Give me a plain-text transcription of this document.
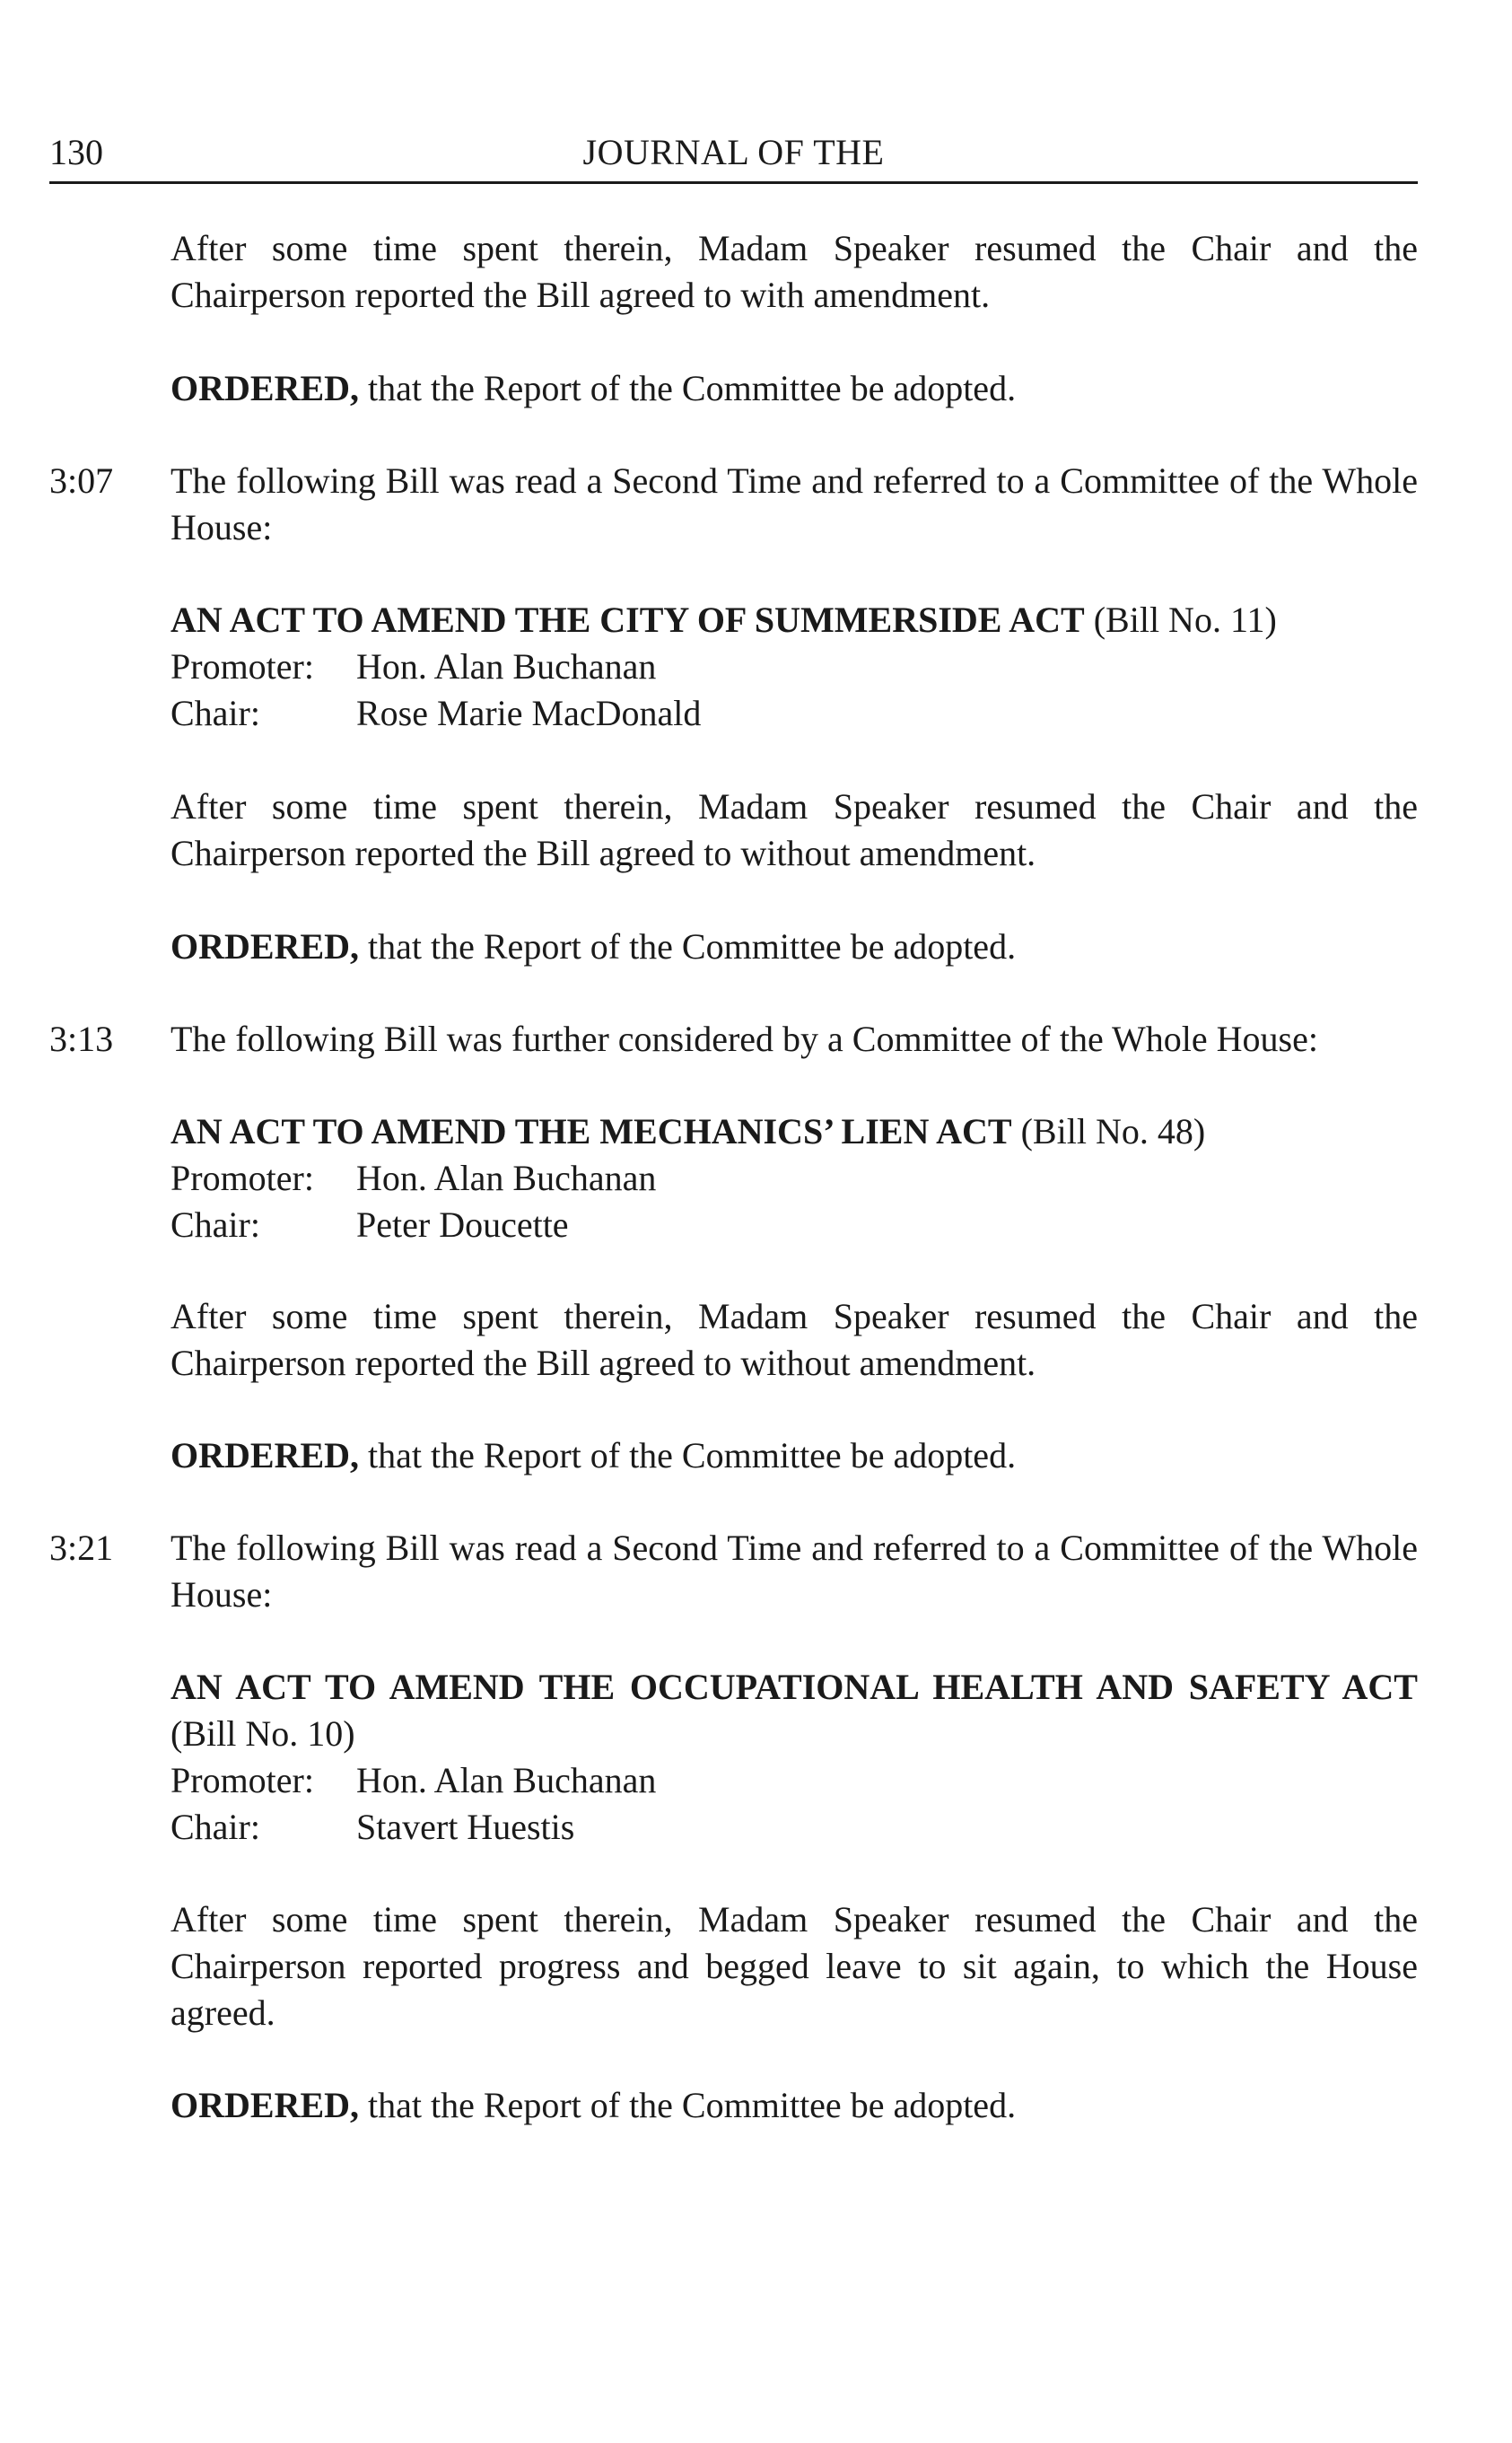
130	JOURNAL OF THE

After some time spent therein, Madam Speaker resumed the Chair and the Chairperson reported the Bill agreed to with amendment.

ORDERED, that the Report of the Committee be adopted.

3:07 The following Bill was read a Second Time and referred to a Committee of the Whole House:

AN ACT TO AMEND THE CITY OF SUMMERSIDE ACT (Bill No. 11)
Promoter:	Hon. Alan Buchanan
Chair:	Rose Marie MacDonald

After some time spent therein, Madam Speaker resumed the Chair and the Chairperson reported the Bill agreed to without amendment.

ORDERED, that the Report of the Committee be adopted.

3:13 The following Bill was further considered by a Committee of the Whole House:

AN ACT TO AMEND THE MECHANICS’ LIEN ACT (Bill No. 48)
Promoter:	Hon. Alan Buchanan
Chair:	Peter Doucette

After some time spent therein, Madam Speaker resumed the Chair and the Chairperson reported the Bill agreed to without amendment.

ORDERED, that the Report of the Committee be adopted.

3:21 The following Bill was read a Second Time and referred to a Committee of the Whole House:

AN ACT TO AMEND THE OCCUPATIONAL HEALTH AND SAFETY ACT (Bill No. 10)
Promoter:	Hon. Alan Buchanan
Chair:	Stavert Huestis

After some time spent therein, Madam Speaker resumed the Chair and the Chairperson reported progress and begged leave to sit again, to which the House agreed.

ORDERED, that the Report of the Committee be adopted.
